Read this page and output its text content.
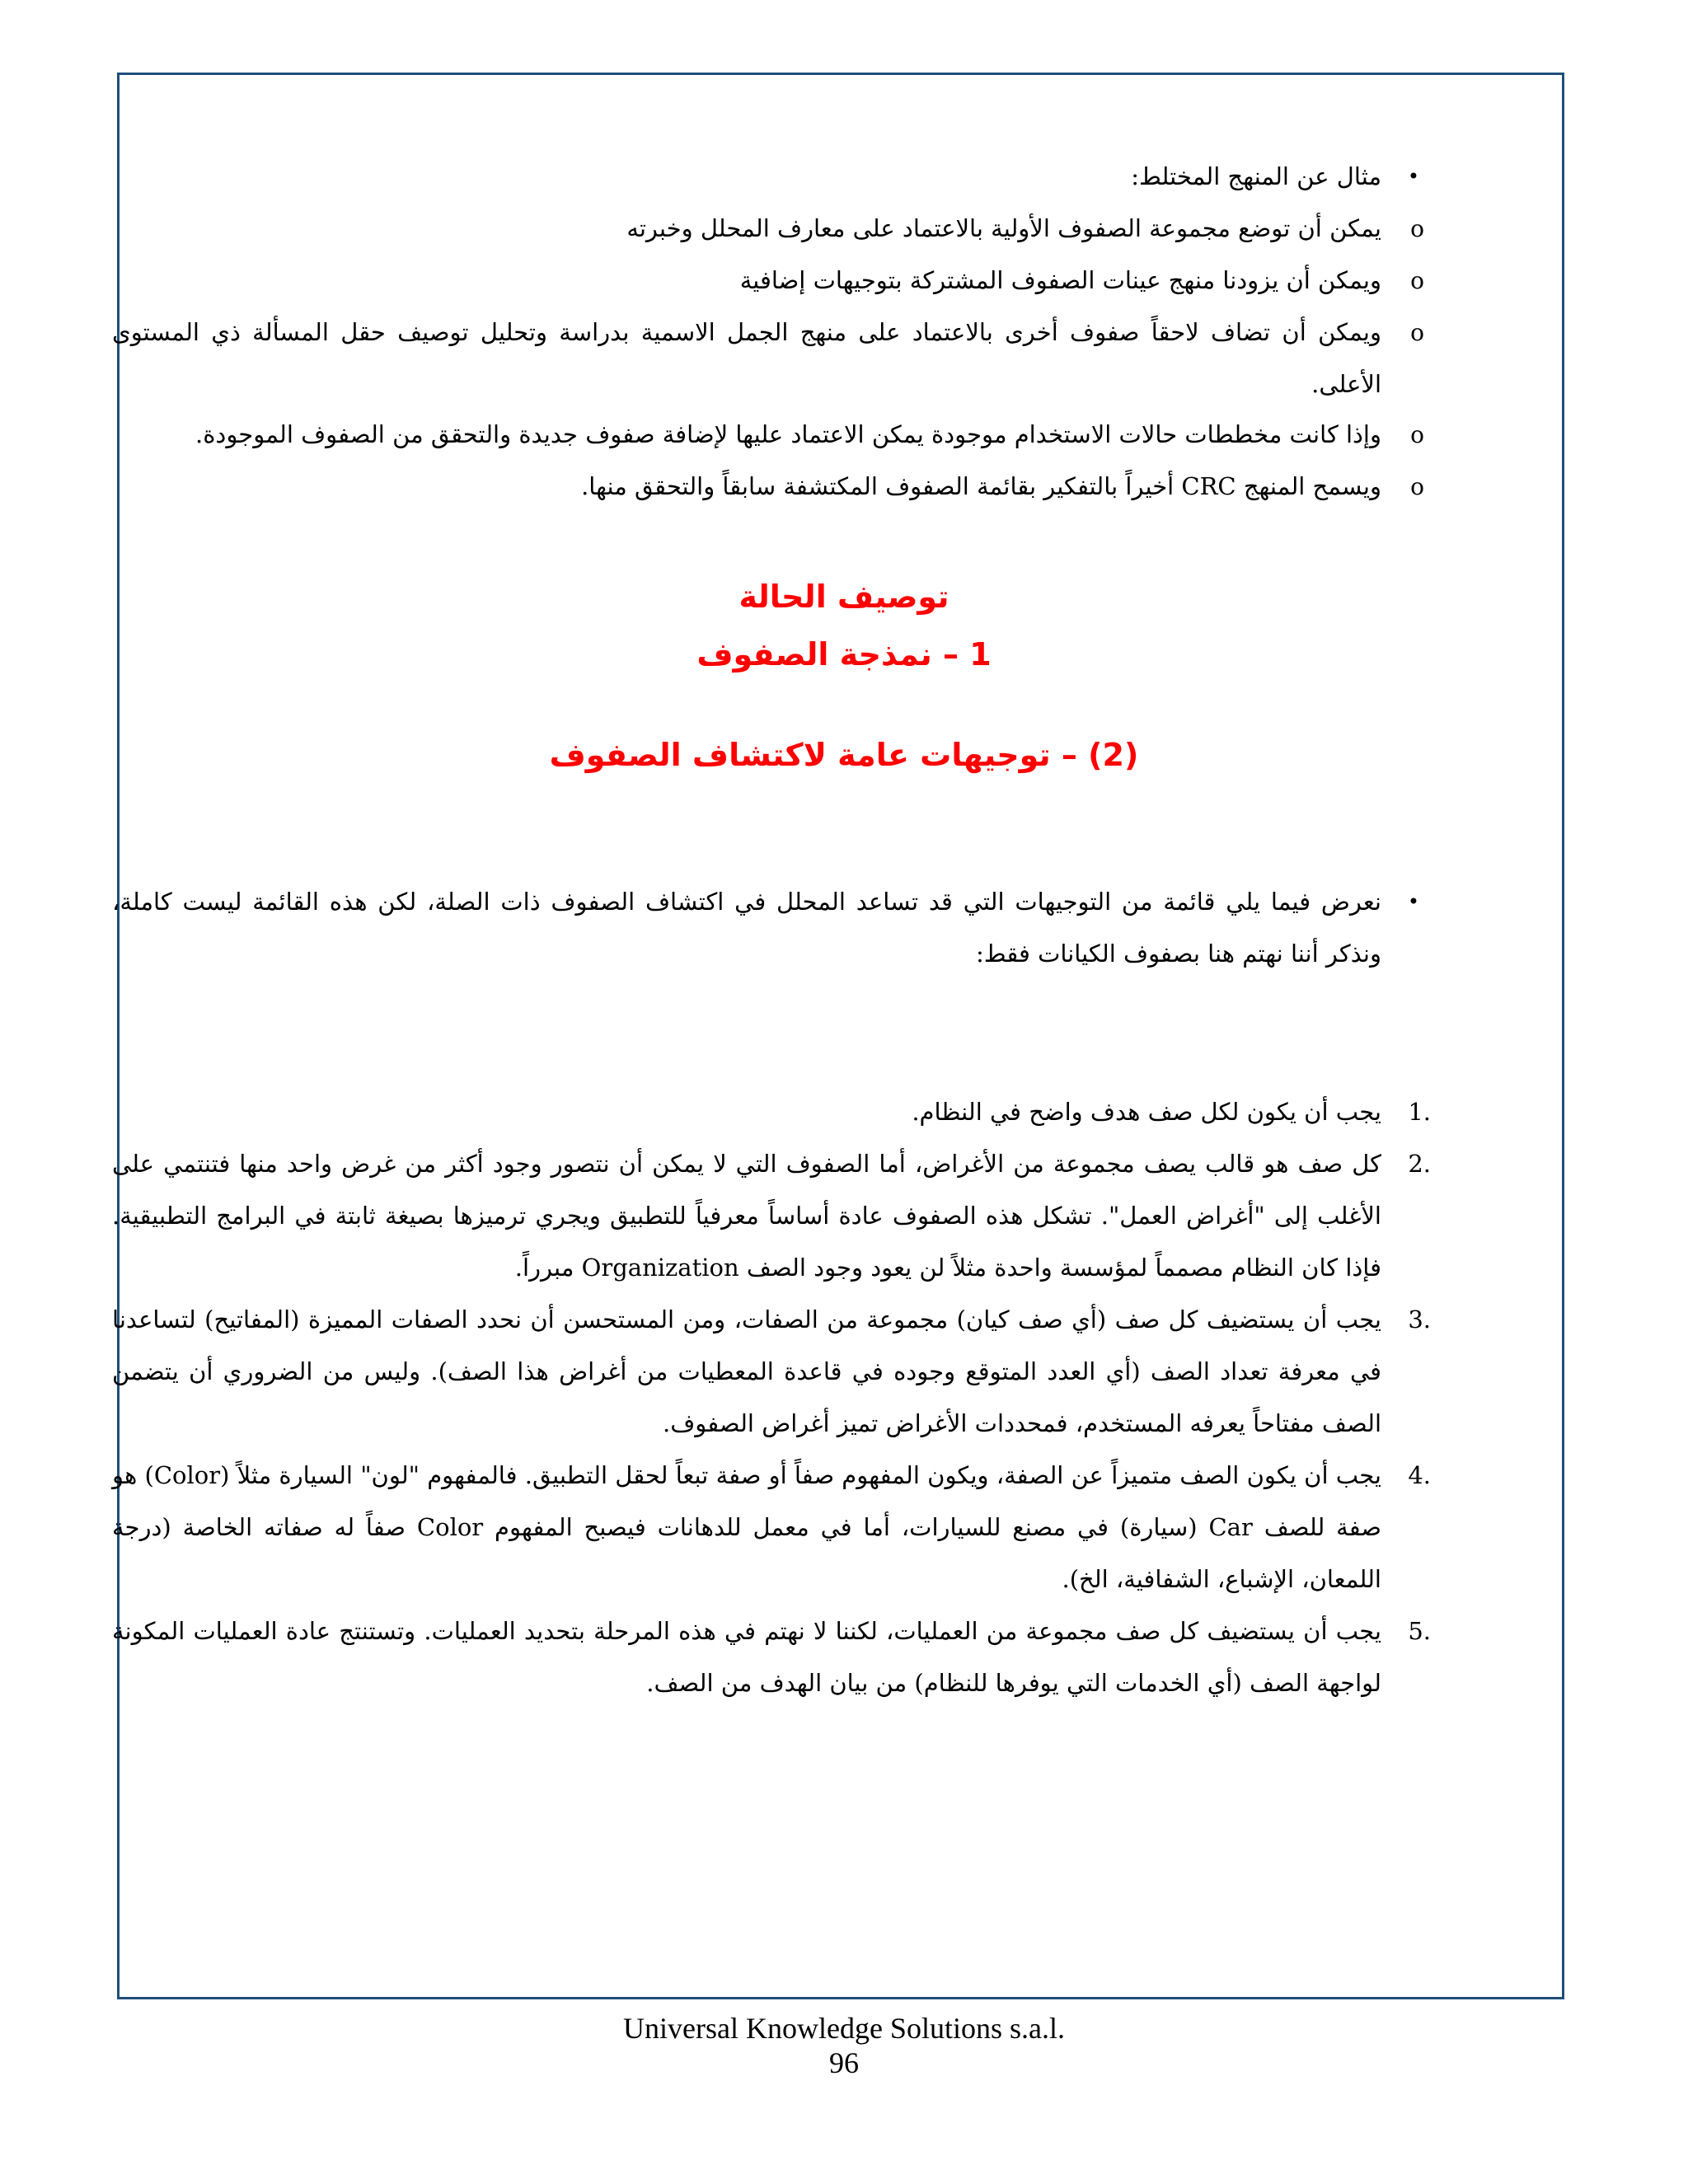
•
مثال عن المنهج المختلط:
o
يمكن أن توضع مجموعة الصفوف الأولية بالاعتماد على معارف المحلل وخبرته
o
ويمكن أن يزودنا منهج عينات الصفوف المشتركة بتوجيهات إضافية
o
ويمكن أن تضاف لاحقاً صفوف أخرى بالاعتماد على منهج الجمل الاسمية بدراسة وتحليل توصيف حقل المسألة ذي المستوى الأعلى.
o
وإذا كانت مخططات حالات الاستخدام موجودة يمكن الاعتماد عليها لإضافة صفوف جديدة والتحقق من الصفوف الموجودة.
o
ويسمح المنهج CRC أخيراً بالتفكير بقائمة الصفوف المكتشفة سابقاً والتحقق منها.
توصيف الحالة
1 – نمذجة الصفوف
(2) – توجيهات عامة لاكتشاف الصفوف
•
نعرض فيما يلي قائمة من التوجيهات التي قد تساعد المحلل في اكتشاف الصفوف ذات الصلة، لكن هذه القائمة ليست كاملة، ونذكر أننا نهتم هنا بصفوف الكيانات فقط:
1.
يجب أن يكون لكل صف هدف واضح في النظام.
2.
كل صف هو قالب يصف مجموعة من الأغراض، أما الصفوف التي لا يمكن أن نتصور وجود أكثر من غرض واحد منها فتنتمي على الأغلب إلى "أغراض العمل". تشكل هذه الصفوف عادة أساساً معرفياً للتطبيق ويجري ترميزها بصيغة ثابتة في البرامج التطبيقية. فإذا كان النظام مصمماً لمؤسسة واحدة مثلاً لن يعود وجود الصف Organization مبرراً.
3.
يجب أن يستضيف كل صف (أي صف كيان) مجموعة من الصفات، ومن المستحسن أن نحدد الصفات المميزة (المفاتيح) لتساعدنا في معرفة تعداد الصف (أي العدد المتوقع وجوده في قاعدة المعطيات من أغراض هذا الصف). وليس من الضروري أن يتضمن الصف مفتاحاً يعرفه المستخدم، فمحددات الأغراض تميز أغراض الصفوف.
4.
يجب أن يكون الصف متميزاً عن الصفة، ويكون المفهوم صفاً أو صفة تبعاً لحقل التطبيق. فالمفهوم "لون" السيارة مثلاً (Color) هو صفة للصف Car (سيارة) في مصنع للسيارات، أما في معمل للدهانات فيصبح المفهوم Color صفاً له صفاته الخاصة (درجة اللمعان، الإشباع، الشفافية، الخ).
5.
يجب أن يستضيف كل صف مجموعة من العمليات، لكننا لا نهتم في هذه المرحلة بتحديد العمليات. وتستنتج عادة العمليات المكونة لواجهة الصف (أي الخدمات التي يوفرها للنظام) من بيان الهدف من الصف.
Universal Knowledge Solutions s.a.l.
96
